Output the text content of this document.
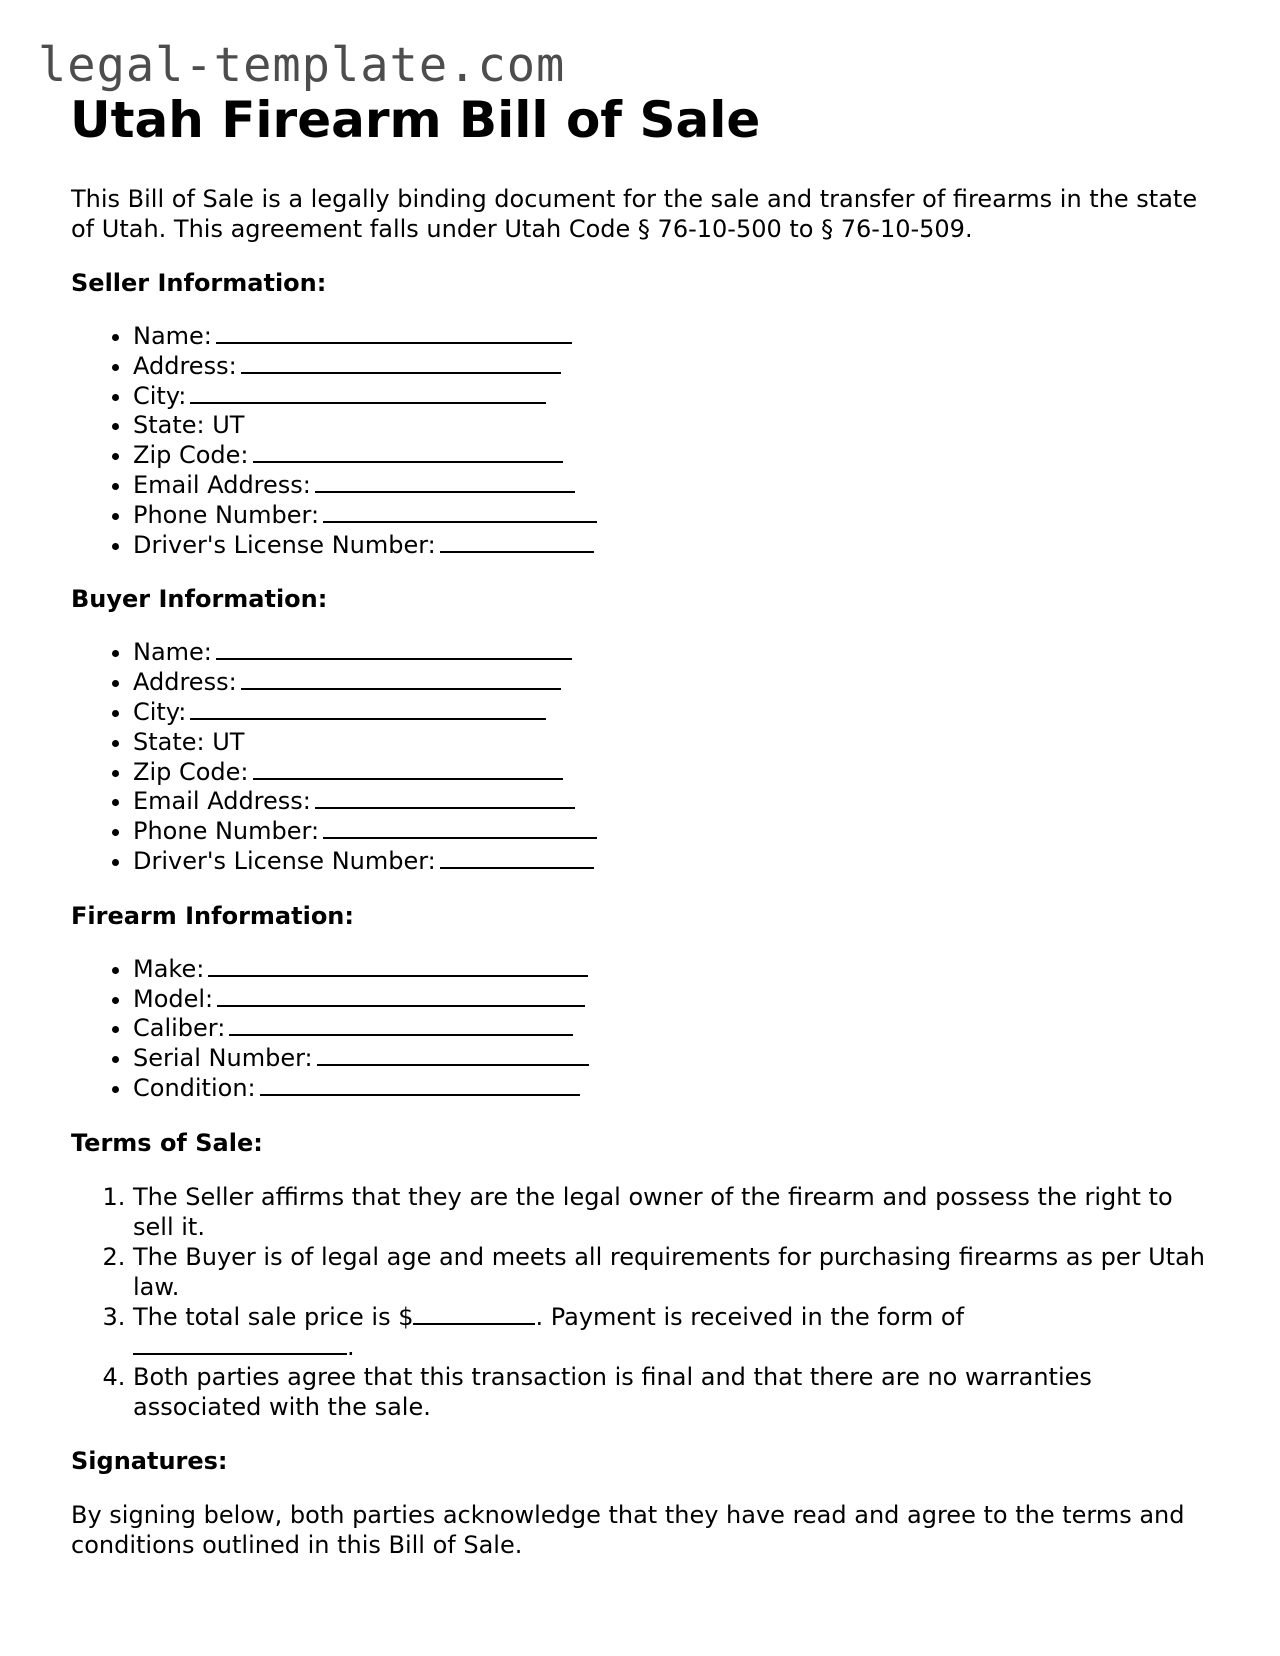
legal-template.com
Utah Firearm Bill of Sale

This Bill of Sale is a legally binding document for the sale and transfer of firearms in the state of Utah. This agreement falls under Utah Code § 76-10-500 to § 76-10-509.

Seller Information:
• Name:
• Address:
• City:
• State: UT
• Zip Code:
• Email Address:
• Phone Number:
• Driver's License Number:
Buyer Information:
• Name:
• Address:
• City:
• State: UT
• Zip Code:
• Email Address:
• Phone Number:
• Driver's License Number:
Firearm Information:
• Make:
• Model:
• Caliber:
• Serial Number:
• Condition:
Terms of Sale:
1. The Seller affirms that they are the legal owner of the firearm and possess the right to sell it.
2. The Buyer is of legal age and meets all requirements for purchasing firearms as per Utah law.
3. The total sale price is $	. Payment is received in the form of
.
4. Both parties agree that this transaction is final and that there are no warranties associated with the sale.
Signatures:

By signing below, both parties acknowledge that they have read and agree to the terms and conditions outlined in this Bill of Sale.
